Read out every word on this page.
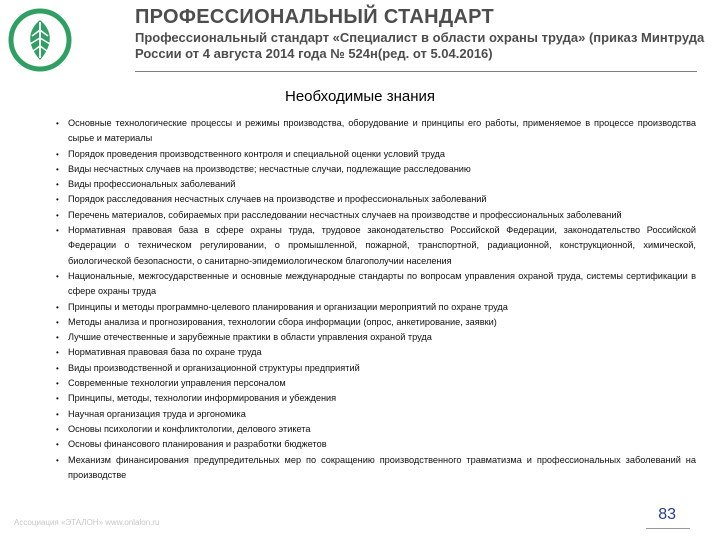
ПРОФЕССИОНАЛЬНЫЙ СТАНДАРТ
Профессиональный стандарт «Специалист в области охраны труда» (приказ Минтруда России от 4 августа 2014 года № 524н(ред. от 5.04.2016)
Необходимые знания
• Основные технологические процессы и режимы производства, оборудование и принципы его работы, применяемое в процессе производства сырье и материалы
• Порядок проведения производственного контроля и специальной оценки условий труда
• Виды несчастных случаев на производстве; несчастные случаи, подлежащие расследованию
• Виды профессиональных заболеваний
• Порядок расследования несчастных случаев на производстве и профессиональных заболеваний
• Перечень материалов, собираемых при расследовании несчастных случаев на производстве и профессиональных заболеваний
• Нормативная правовая база в сфере охраны труда, трудовое законодательство Российской Федерации, законодательство Российской Федерации о техническом регулировании, о промышленной, пожарной, транспортной, радиационной, конструкционной, химической, биологической безопасности, о санитарно-эпидемиологическом благополучии населения
• Национальные, межгосударственные и основные международные стандарты по вопросам управления охраной труда, системы сертификации в сфере охраны труда
• Принципы и методы программно-целевого планирования и организации мероприятий по охране труда
• Методы анализа и прогнозирования, технологии сбора информации (опрос, анкетирование, заявки)
• Лучшие отечественные и зарубежные практики в области управления охраной труда
• Нормативная правовая база по охране труда
• Виды производственной и организационной структуры предприятий
• Современные технологии управления персоналом
• Принципы, методы, технологии информирования и убеждения
• Научная организация труда и эргономика
• Основы психологии и конфликтологии, делового этикета
• Основы финансового планирования и разработки бюджетов
• Механизм финансирования предупредительных мер по сокращению производственного травматизма и профессиональных заболеваний на производстве
Ассоциация «ЭТАЛОН» www.onlalon.ru	83
